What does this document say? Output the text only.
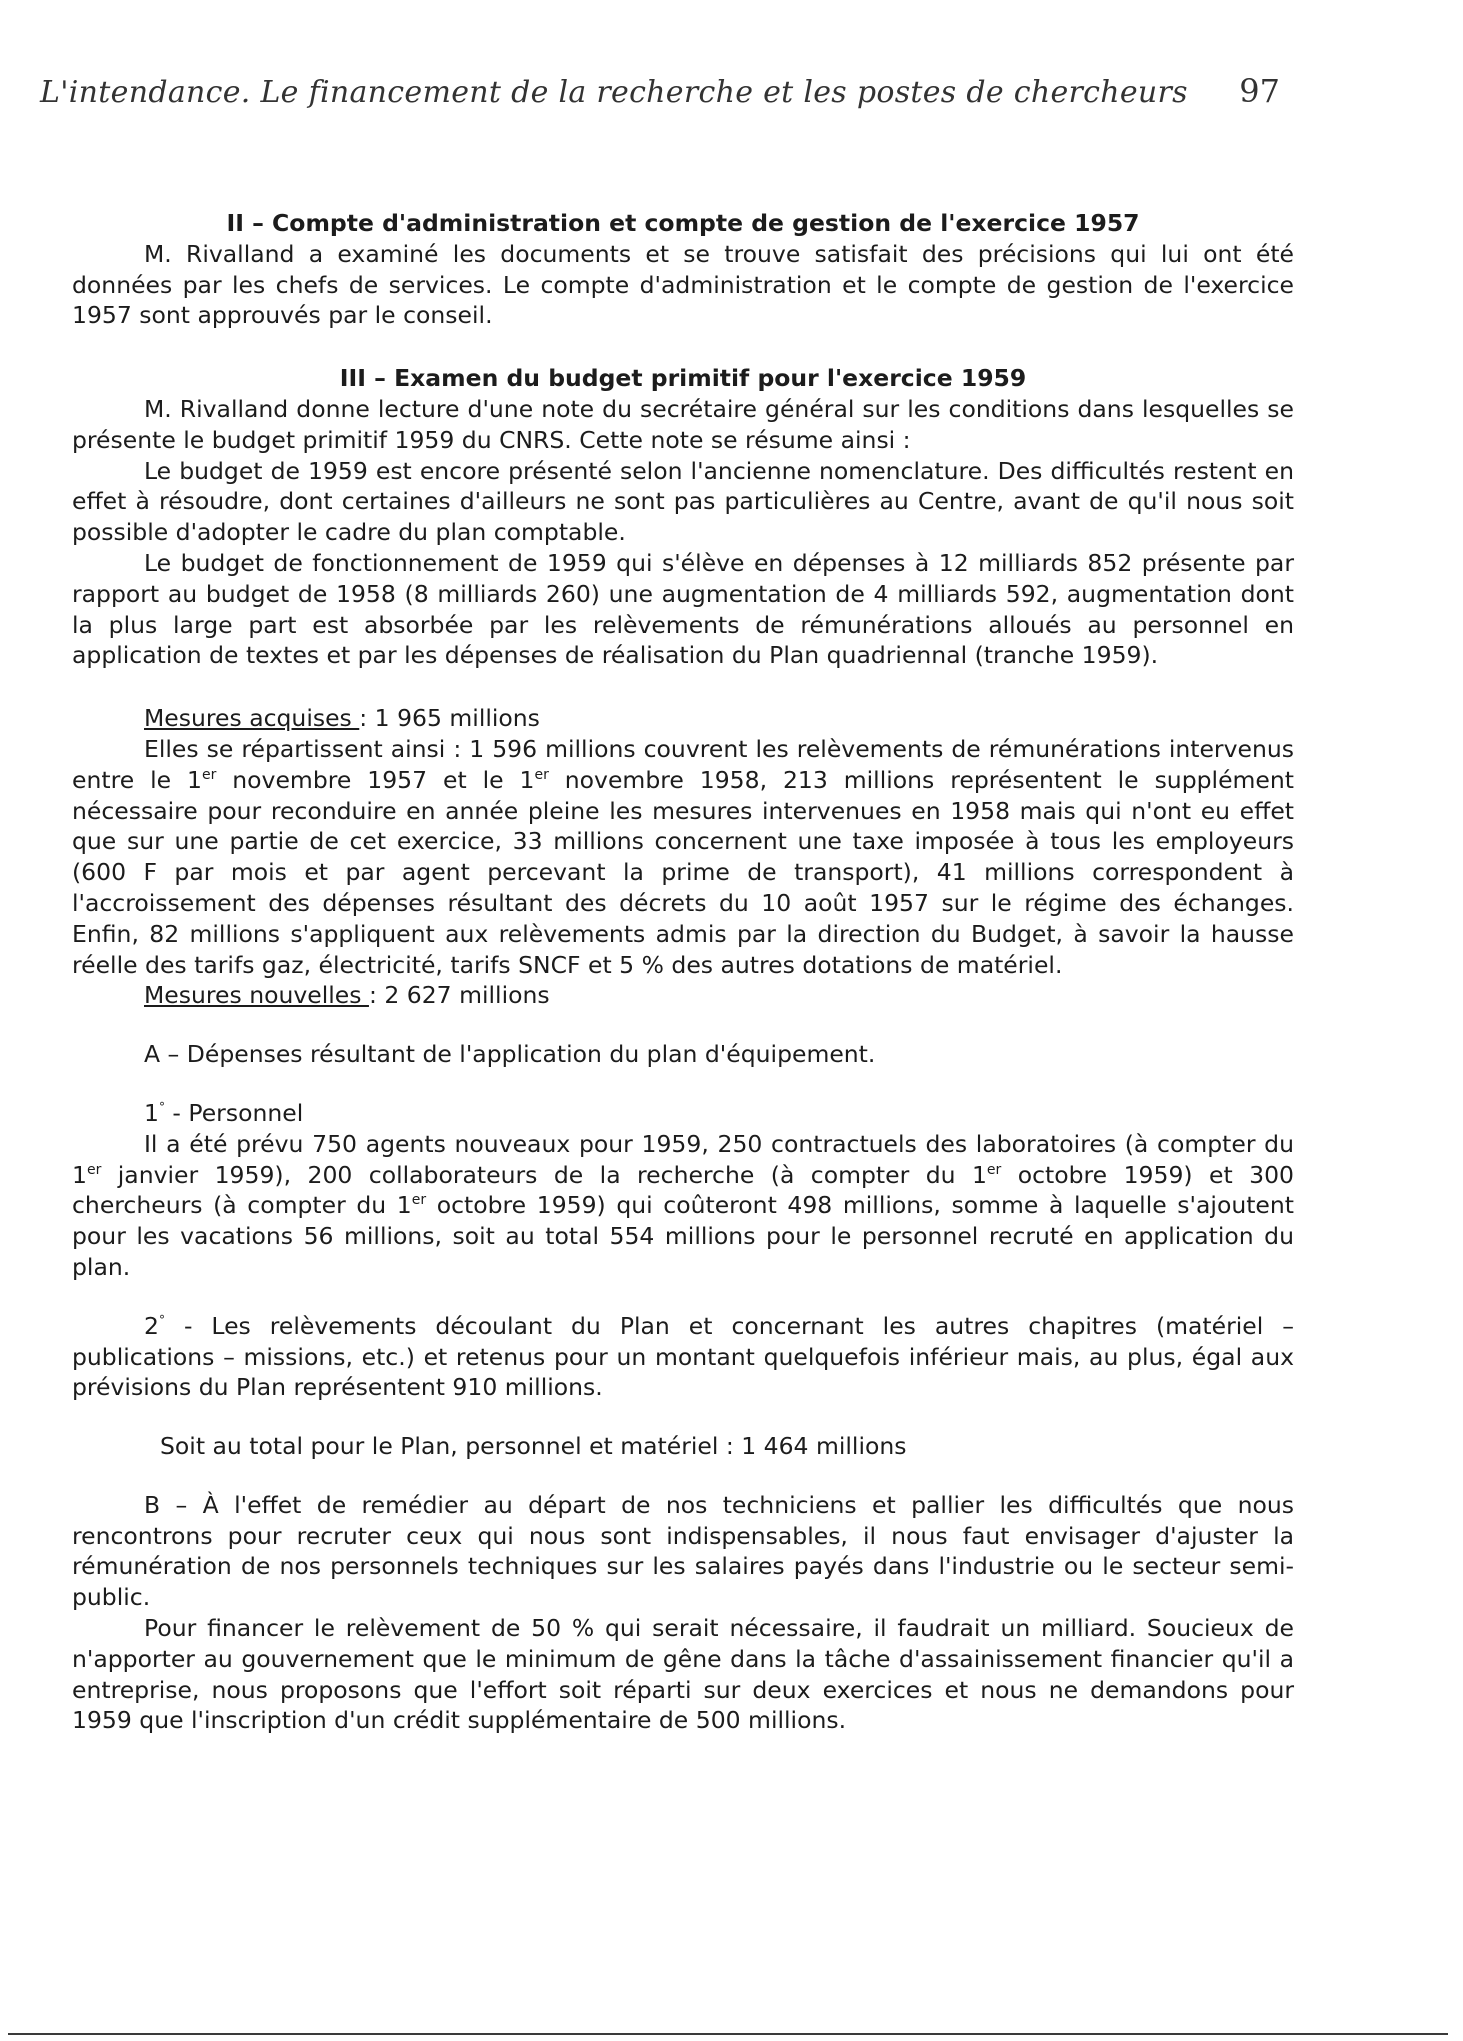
L'intendance. Le financement de la recherche et les postes de chercheurs 97

II – Compte d'administration et compte de gestion de l'exercice 1957

M. Rivalland a examiné les documents et se trouve satisfait des précisions qui lui ont été données par les chefs de services. Le compte d'administration et le compte de gestion de l'exercice 1957 sont approuvés par le conseil.

III – Examen du budget primitif pour l'exercice 1959

M. Rivalland donne lecture d'une note du secrétaire général sur les conditions dans lesquelles se présente le budget primitif 1959 du CNRS. Cette note se résume ainsi :

Le budget de 1959 est encore présenté selon l'ancienne nomenclature. Des difficultés restent en effet à résoudre, dont certaines d'ailleurs ne sont pas particulières au Centre, avant de qu'il nous soit possible d'adopter le cadre du plan comptable.

Le budget de fonctionnement de 1959 qui s'élève en dépenses à 12 milliards 852 présente par rapport au budget de 1958 (8 milliards 260) une augmentation de 4 milliards 592, augmentation dont la plus large part est absorbée par les relèvements de rémunérations alloués au personnel en application de textes et par les dépenses de réalisation du Plan quadriennal (tranche 1959).

Mesures acquises : 1 965 millions

Elles se répartissent ainsi : 1 596 millions couvrent les relèvements de rémunérations intervenus entre le 1er novembre 1957 et le 1er novembre 1958, 213 millions représentent le supplément nécessaire pour reconduire en année pleine les mesures intervenues en 1958 mais qui n'ont eu effet que sur une partie de cet exercice, 33 millions concernent une taxe imposée à tous les employeurs (600 F par mois et par agent percevant la prime de transport), 41 millions correspondent à l'accroissement des dépenses résultant des décrets du 10 août 1957 sur le régime des échanges. Enfin, 82 millions s'appliquent aux relèvements admis par la direction du Budget, à savoir la hausse réelle des tarifs gaz, électricité, tarifs SNCF et 5 % des autres dotations de matériel.

Mesures nouvelles : 2 627 millions

A – Dépenses résultant de l'application du plan d'équipement.

1° - Personnel

Il a été prévu 750 agents nouveaux pour 1959, 250 contractuels des laboratoires (à compter du 1er janvier 1959), 200 collaborateurs de la recherche (à compter du 1er octobre 1959) et 300 chercheurs (à compter du 1er octobre 1959) qui coûteront 498 millions, somme à laquelle s'ajoutent pour les vacations 56 millions, soit au total 554 millions pour le personnel recruté en application du plan.

2° - Les relèvements découlant du Plan et concernant les autres chapitres (matériel – publications – missions, etc.) et retenus pour un montant quelquefois inférieur mais, au plus, égal aux prévisions du Plan représentent 910 millions.

Soit au total pour le Plan, personnel et matériel : 1 464 millions

B – À l'effet de remédier au départ de nos techniciens et pallier les difficultés que nous rencontrons pour recruter ceux qui nous sont indispensables, il nous faut envisager d'ajuster la rémunération de nos personnels techniques sur les salaires payés dans l'industrie ou le secteur semi-public.

Pour financer le relèvement de 50 % qui serait nécessaire, il faudrait un milliard. Soucieux de n'apporter au gouvernement que le minimum de gêne dans la tâche d'assainissement financier qu'il a entreprise, nous proposons que l'effort soit réparti sur deux exercices et nous ne demandons pour 1959 que l'inscription d'un crédit supplémentaire de 500 millions.
